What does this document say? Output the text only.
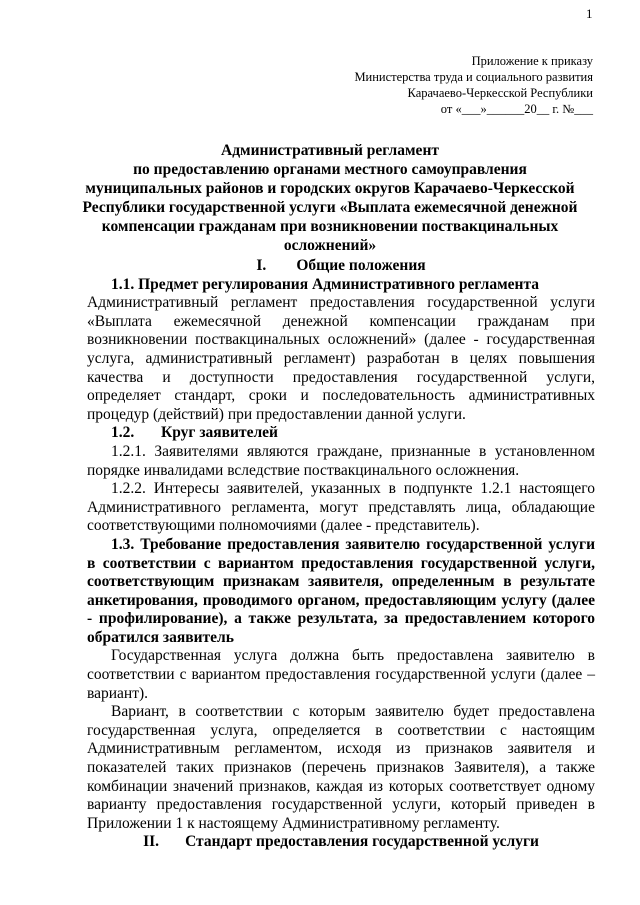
1
Приложение к приказу
Министерства труда и социального развития
Карачаево-Черкесской Республики
от «___»______20__ г. №___
Административный регламент
по предоставлению органами местного самоуправления муниципальных районов и городских округов Карачаево-Черкесской Республики государственной услуги «Выплата ежемесячной денежной компенсации гражданам при возникновении поствакцинальных осложнений»

I. Общие положения

1.1. Предмет регулирования Административного регламента

Административный регламент предоставления государственной услуги «Выплата ежемесячной денежной компенсации гражданам при возникновении поствакцинальных осложнений» (далее - государственная услуга, административный регламент) разработан в целях повышения качества и доступности предоставления государственной услуги, определяет стандарт, сроки и последовательность административных процедур (действий) при предоставлении данной услуги.

1.2. Круг заявителей

1.2.1. Заявителями являются граждане, признанные в установленном порядке инвалидами вследствие поствакцинального осложнения.

1.2.2. Интересы заявителей, указанных в подпункте 1.2.1 настоящего Административного регламента, могут представлять лица, обладающие соответствующими полномочиями (далее - представитель).

1.3. Требование предоставления заявителю государственной услуги в соответствии с вариантом предоставления государственной услуги, соответствующим признакам заявителя, определенным в результате анкетирования, проводимого органом, предоставляющим услугу (далее - профилирование), а также результата, за предоставлением которого обратился заявитель

Государственная услуга должна быть предоставлена заявителю в соответствии с вариантом предоставления государственной услуги (далее – вариант).

Вариант, в соответствии с которым заявителю будет предоставлена государственная услуга, определяется в соответствии с настоящим Административным регламентом, исходя из признаков заявителя и показателей таких признаков (перечень признаков Заявителя), а также комбинации значений признаков, каждая из которых соответствует одному варианту предоставления государственной услуги, который приведен в Приложении 1 к настоящему Административному регламенту.

II. Стандарт предоставления государственной услуги
